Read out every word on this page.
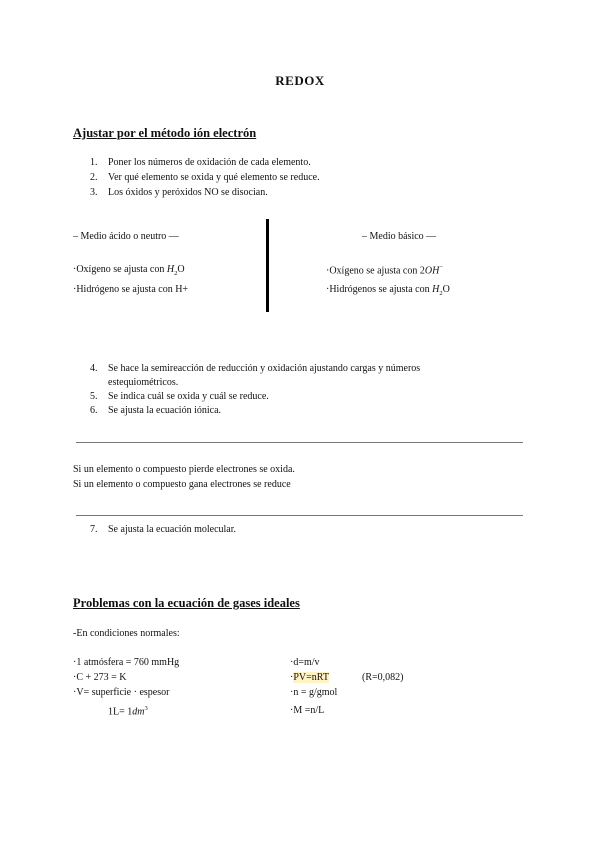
REDOX
Ajustar por el método ión electrón
1. Poner los números de oxidación de cada elemento.
2. Ver qué elemento se oxida y qué elemento se reduce.
3. Los óxidos y peróxidos NO se disocian.
– Medio ácido o neutro —	– Medio básico —
·Oxígeno se ajusta con $H_2O$
·Hidrógeno se ajusta con H+
·Oxígeno se ajusta con 2OH−
·Hidrógenos se ajusta con $H_2O$
4. Se hace la semireacción de reducción y oxidación ajustando cargas y números
estequiométricos.
5. Se indica cuál se oxida y cuál se reduce.
6. Se ajusta la ecuación iónica.
Si un elemento o compuesto pierde electrones se oxida.
Si un elemento o compuesto gana electrones se reduce
7. Se ajusta la ecuación molecular.
Problemas con la ecuación de gases ideales
-En condiciones normales:
·1 atmósfera = 760 mmHg
·C + 273 = K
·V= superficie · espesor
$1L= 1dm^3$
·d=m/v
·PV=nRT	(R=0,082)
·n = g/gmol
·M =n/L
